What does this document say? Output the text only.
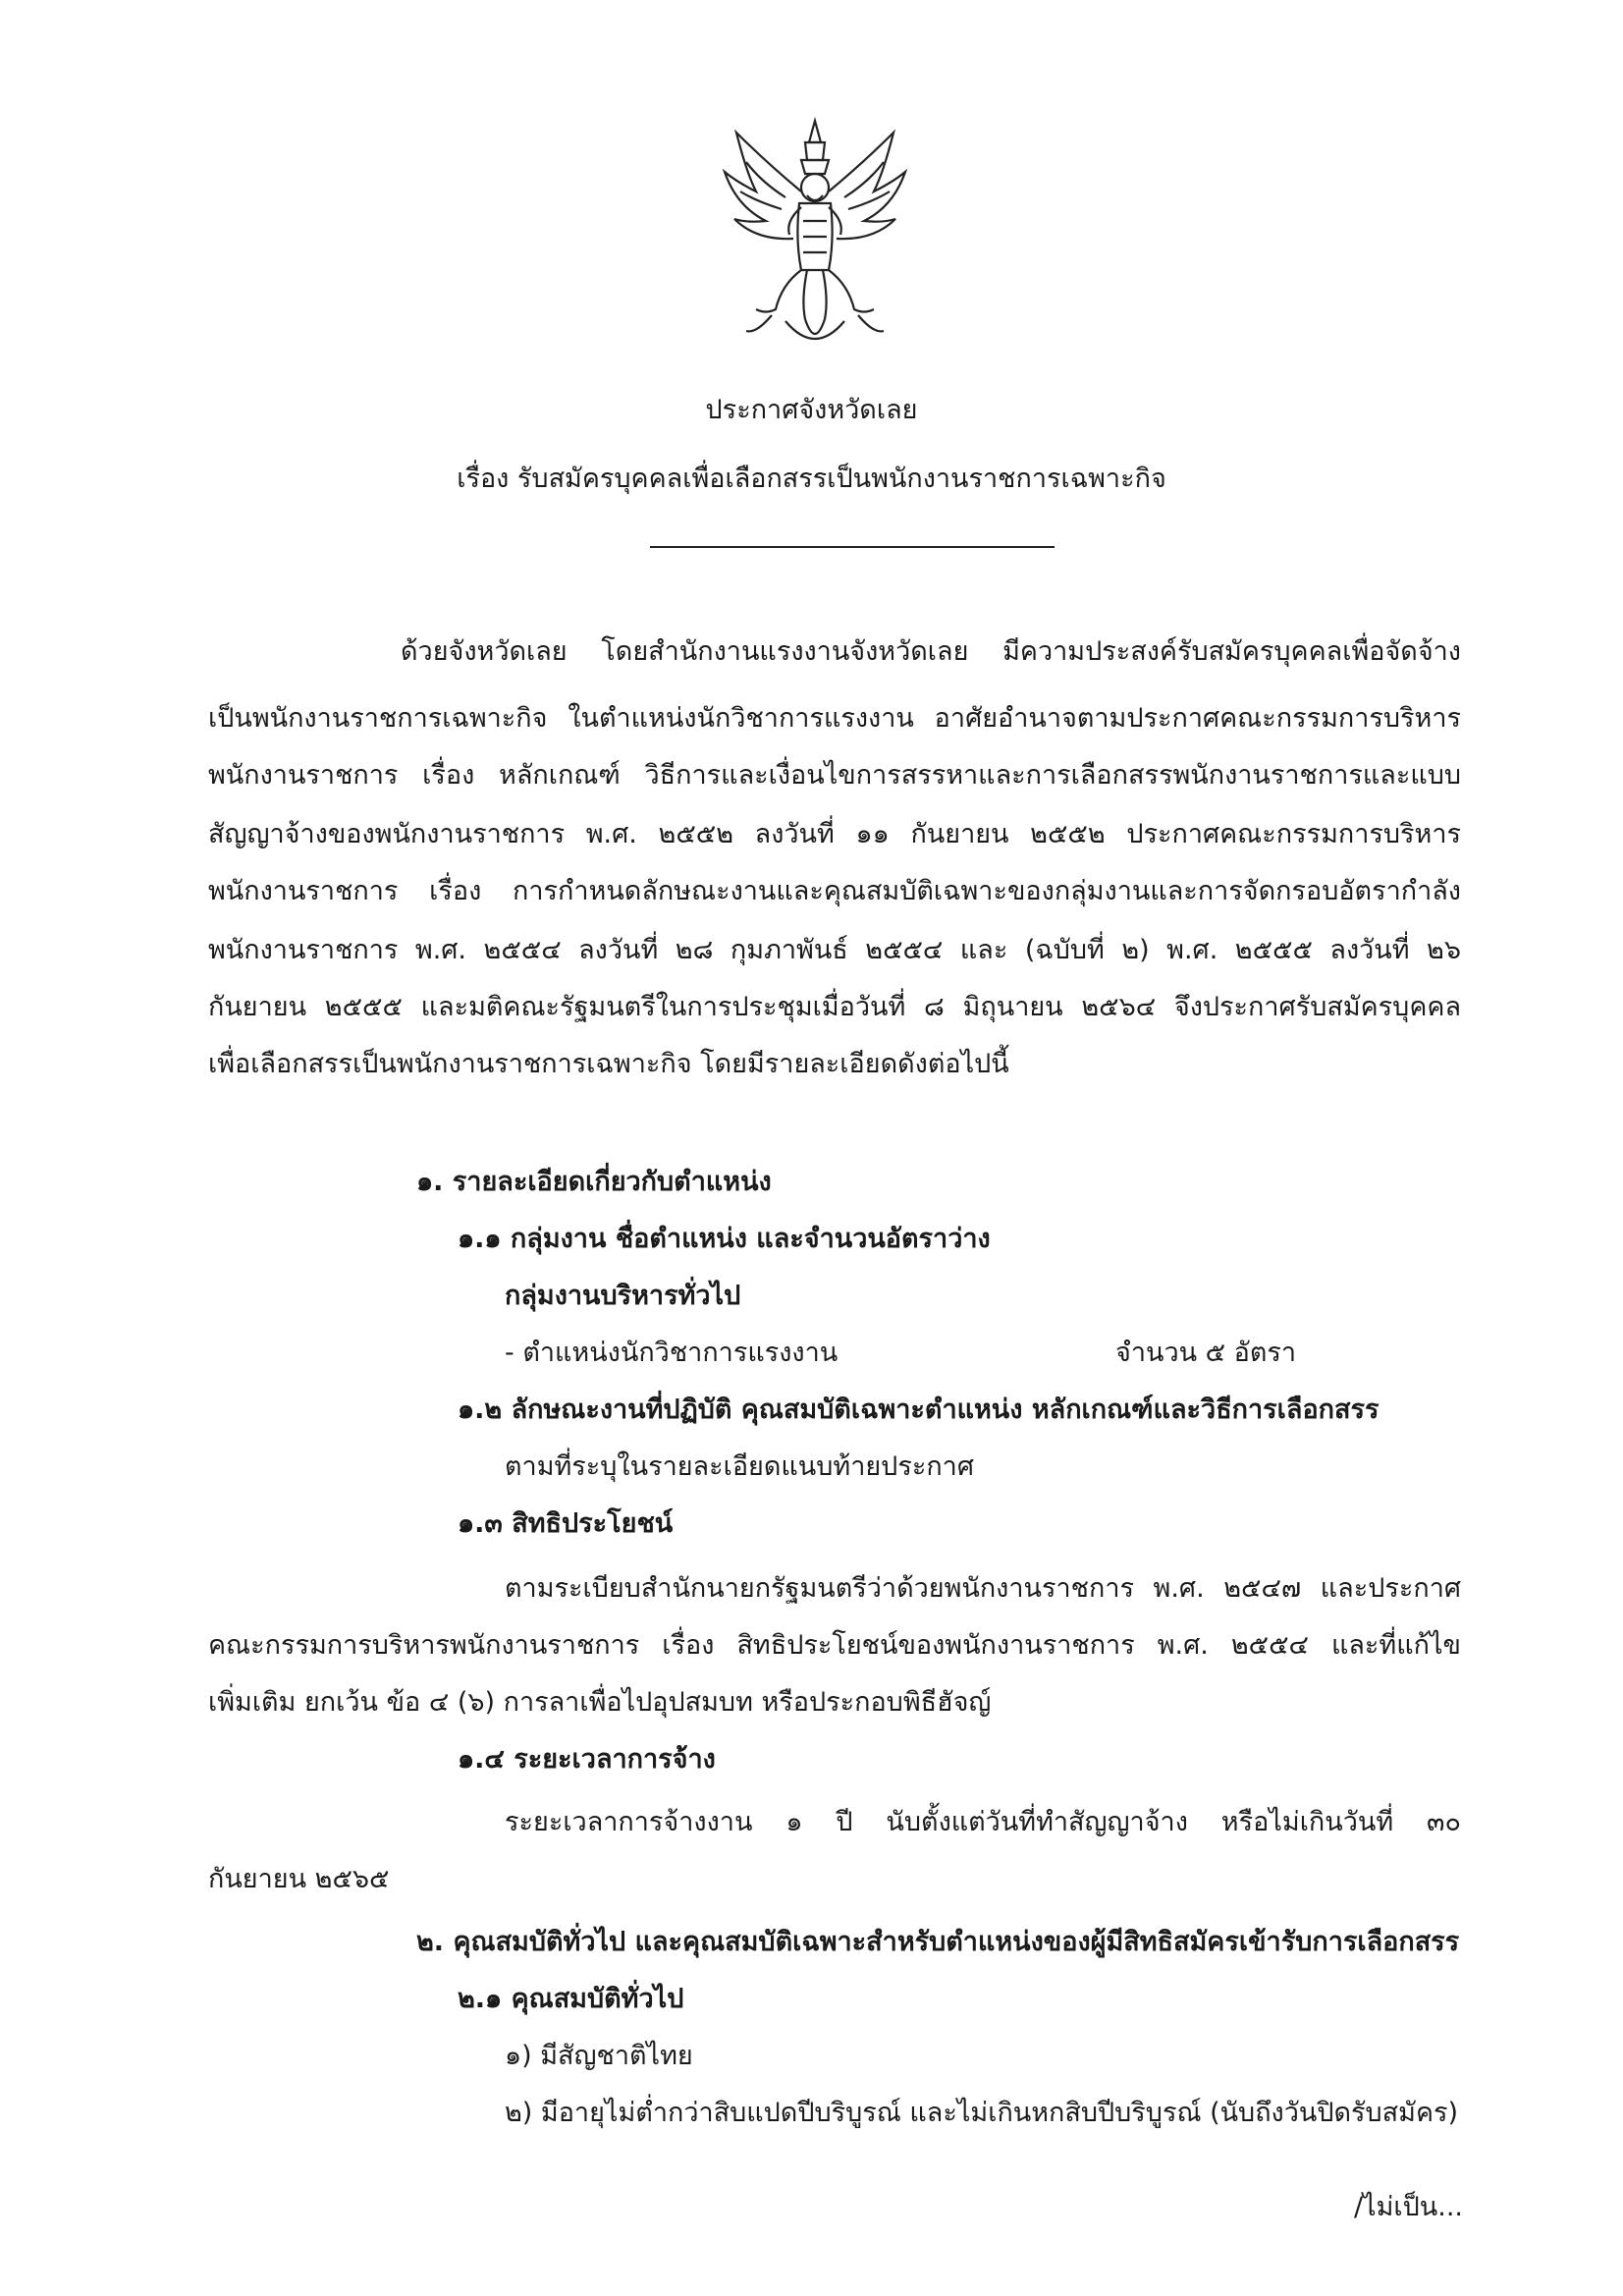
ประกาศจังหวัดเลย
เรื่อง รับสมัครบุคคลเพื่อเลือกสรรเป็นพนักงานราชการเฉพาะกิจ
ด้วยจังหวัดเลย โดยสำนักงานแรงงานจังหวัดเลย มีความประสงค์รับสมัครบุคคลเพื่อจัดจ้าง
เป็นพนักงานราชการเฉพาะกิจ ในตำแหน่งนักวิชาการแรงงาน อาศัยอำนาจตามประกาศคณะกรรมการบริหาร
พนักงานราชการ เรื่อง หลักเกณฑ์ วิธีการและเงื่อนไขการสรรหาและการเลือกสรรพนักงานราชการและแบบ
สัญญาจ้างของพนักงานราชการ พ.ศ. ๒๕๕๒ ลงวันที่ ๑๑ กันยายน ๒๕๕๒ ประกาศคณะกรรมการบริหาร
พนักงานราชการ เรื่อง การกำหนดลักษณะงานและคุณสมบัติเฉพาะของกลุ่มงานและการจัดกรอบอัตรากำลัง
พนักงานราชการ พ.ศ. ๒๕๕๔ ลงวันที่ ๒๘ กุมภาพันธ์ ๒๕๕๔ และ (ฉบับที่ ๒) พ.ศ. ๒๕๕๕ ลงวันที่ ๒๖
กันยายน ๒๕๕๕ และมติคณะรัฐมนตรีในการประชุมเมื่อวันที่ ๘ มิถุนายน ๒๕๖๔ จึงประกาศรับสมัครบุคคล
เพื่อเลือกสรรเป็นพนักงานราชการเฉพาะกิจ โดยมีรายละเอียดดังต่อไปนี้
๑. รายละเอียดเกี่ยวกับตำแหน่ง
๑.๑ กลุ่มงาน ชื่อตำแหน่ง และจำนวนอัตราว่าง
กลุ่มงานบริหารทั่วไป
- ตำแหน่งนักวิชาการแรงงาน	จำนวน ๕ อัตรา
๑.๒ ลักษณะงานที่ปฏิบัติ คุณสมบัติเฉพาะตำแหน่ง หลักเกณฑ์และวิธีการเลือกสรร
ตามที่ระบุในรายละเอียดแนบท้ายประกาศ
๑.๓ สิทธิประโยชน์
ตามระเบียบสำนักนายกรัฐมนตรีว่าด้วยพนักงานราชการ พ.ศ. ๒๕๔๗ และประกาศ
คณะกรรมการบริหารพนักงานราชการ เรื่อง สิทธิประโยชน์ของพนักงานราชการ พ.ศ. ๒๕๕๔ และที่แก้ไข
เพิ่มเติม ยกเว้น ข้อ ๔ (๖) การลาเพื่อไปอุปสมบท หรือประกอบพิธีฮัจญ์
๑.๔ ระยะเวลาการจ้าง
ระยะเวลาการจ้างงาน ๑ ปี นับตั้งแต่วันที่ทำสัญญาจ้าง หรือไม่เกินวันที่ ๓๐
กันยายน ๒๕๖๕
๒. คุณสมบัติทั่วไป และคุณสมบัติเฉพาะสำหรับตำแหน่งของผู้มีสิทธิสมัครเข้ารับการเลือกสรร
๒.๑ คุณสมบัติทั่วไป
๑) มีสัญชาติไทย
๒) มีอายุไม่ต่ำกว่าสิบแปดปีบริบูรณ์ และไม่เกินหกสิบปีบริบูรณ์ (นับถึงวันปิดรับสมัคร)
/ไม่เป็น...
